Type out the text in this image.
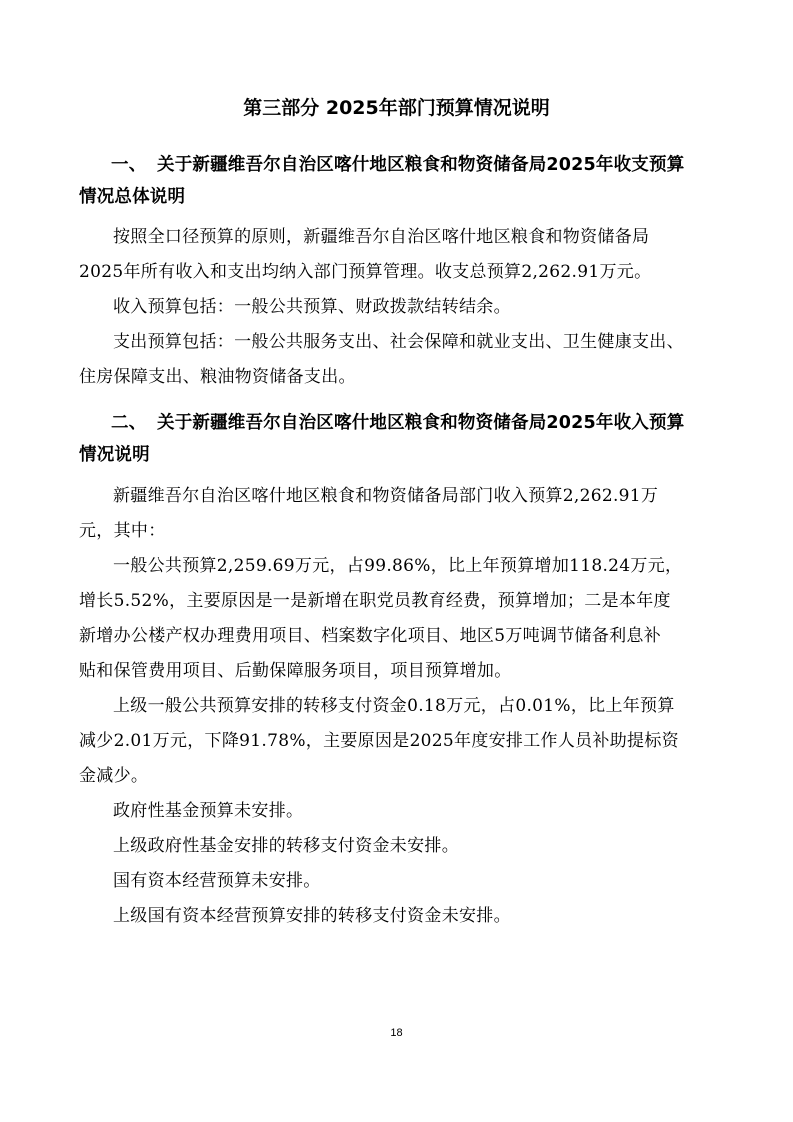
第三部分 2025年部门预算情况说明
一、 关于新疆维吾尔自治区喀什地区粮食和物资储备局2025年收支预算
情况总体说明
按照全口径预算的原则，新疆维吾尔自治区喀什地区粮食和物资储备局
2025年所有收入和支出均纳入部门预算管理。收支总预算2,262.91万元。
收入预算包括：一般公共预算、财政拨款结转结余。
支出预算包括：一般公共服务支出、社会保障和就业支出、卫生健康支出、
住房保障支出、粮油物资储备支出。
二、 关于新疆维吾尔自治区喀什地区粮食和物资储备局2025年收入预算
情况说明
新疆维吾尔自治区喀什地区粮食和物资储备局部门收入预算2,262.91万
元，其中：
一般公共预算2,259.69万元，占99.86%，比上年预算增加118.24万元，
增长5.52%，主要原因是一是新增在职党员教育经费，预算增加；二是本年度
新增办公楼产权办理费用项目、档案数字化项目、地区5万吨调节储备利息补
贴和保管费用项目、后勤保障服务项目，项目预算增加。
上级一般公共预算安排的转移支付资金0.18万元，占0.01%，比上年预算
减少2.01万元，下降91.78%，主要原因是2025年度安排工作人员补助提标资
金减少。
政府性基金预算未安排。
上级政府性基金安排的转移支付资金未安排。
国有资本经营预算未安排。
上级国有资本经营预算安排的转移支付资金未安排。
18
